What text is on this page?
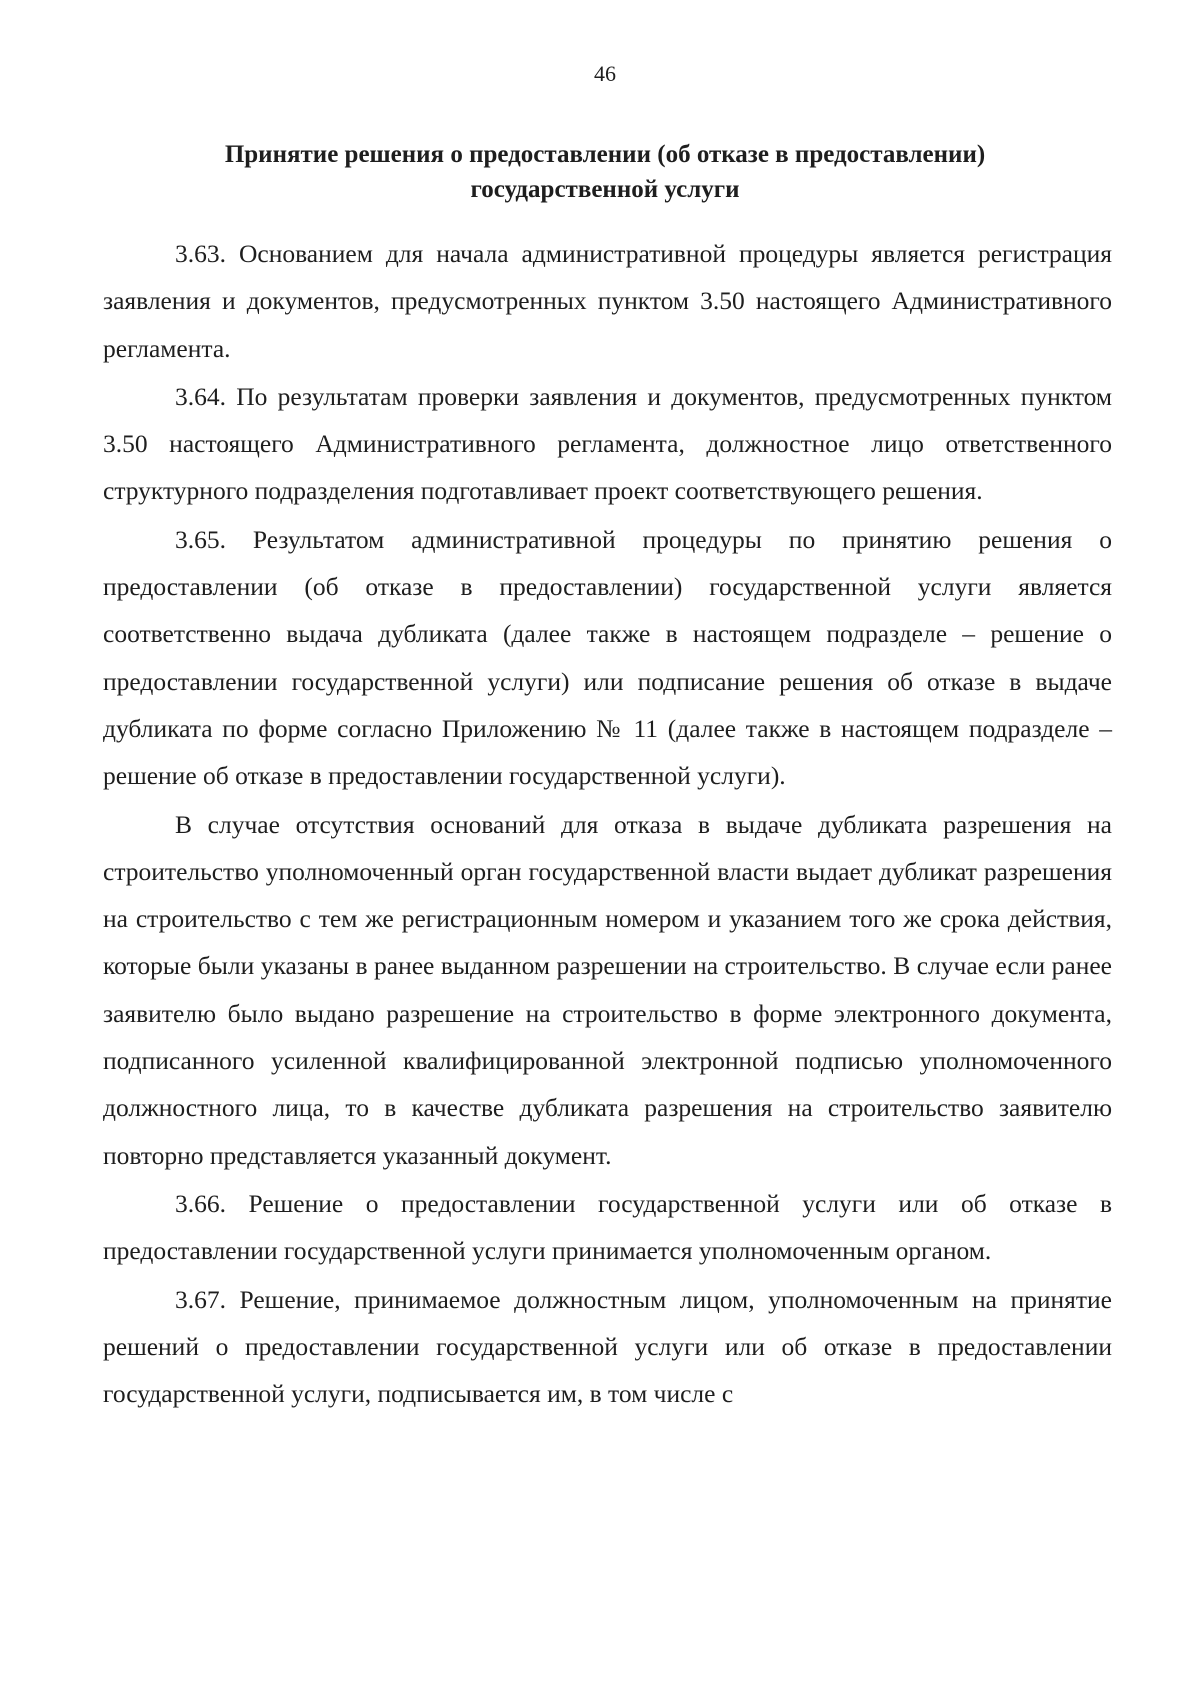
46
Принятие решения о предоставлении (об отказе в предоставлении)
государственной услуги

3.63. Основанием для начала административной процедуры является регистрация заявления и документов, предусмотренных пунктом 3.50 настоящего Административного регламента.

3.64. По результатам проверки заявления и документов, предусмотренных пунктом 3.50 настоящего Административного регламента, должностное лицо ответственного структурного подразделения подготавливает проект соответствующего решения.

3.65. Результатом административной процедуры по принятию решения о предоставлении (об отказе в предоставлении) государственной услуги является соответственно выдача дубликата (далее также в настоящем подразделе – решение о предоставлении государственной услуги) или подписание решения об отказе в выдаче дубликата по форме согласно Приложению № 11 (далее также в настоящем подразделе – решение об отказе в предоставлении государственной услуги).

В случае отсутствия оснований для отказа в выдаче дубликата разрешения на строительство уполномоченный орган государственной власти выдает дубликат разрешения на строительство с тем же регистрационным номером и указанием того же срока действия, которые были указаны в ранее выданном разрешении на строительство. В случае если ранее заявителю было выдано разрешение на строительство в форме электронного документа, подписанного усиленной квалифицированной электронной подписью уполномоченного должностного лица, то в качестве дубликата разрешения на строительство заявителю повторно представляется указанный документ.

3.66. Решение о предоставлении государственной услуги или об отказе в предоставлении государственной услуги принимается уполномоченным органом.

3.67. Решение, принимаемое должностным лицом, уполномоченным на принятие решений о предоставлении государственной услуги или об отказе в предоставлении государственной услуги, подписывается им, в том числе с
